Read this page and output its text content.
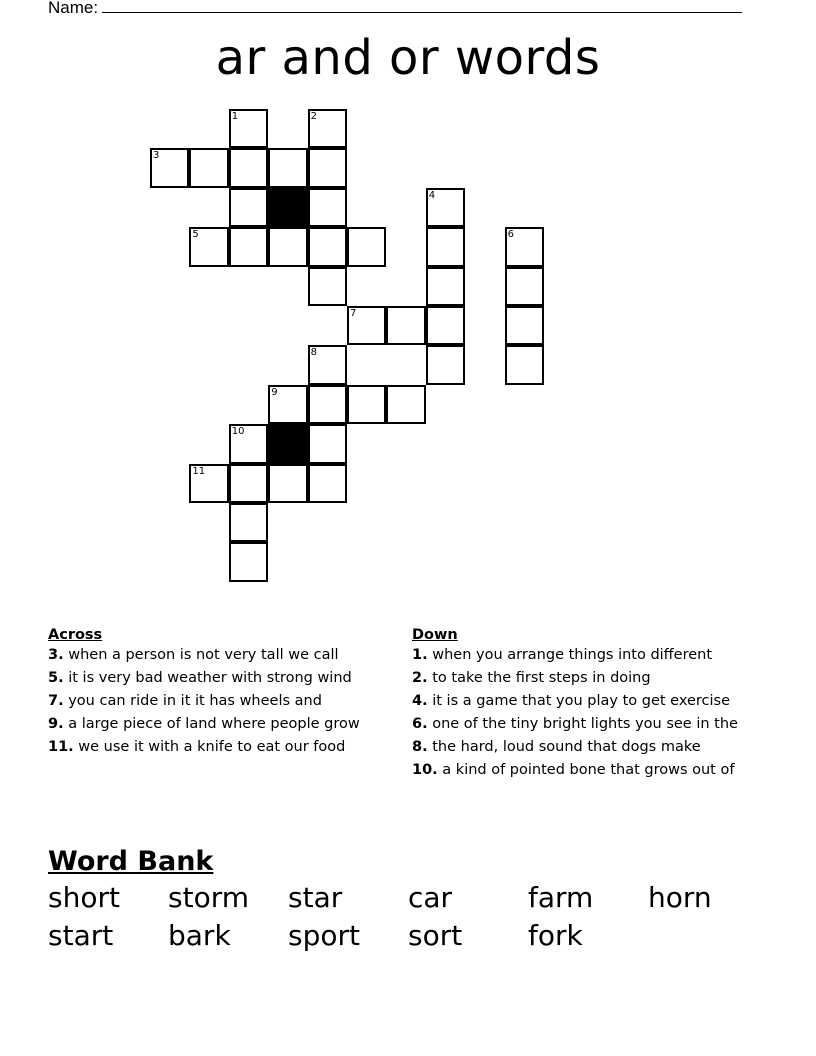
Name:
ar and or words
1	2
3
4
5	6
7
8
9
10
11
Across
3. when a person is not very tall we call
5. it is very bad weather with strong wind
7. you can ride in it it has wheels and
9. a large piece of land where people grow
11. we use it with a knife to eat our food
Down
1. when you arrange things into different
2. to take the first steps in doing
4. it is a game that you play to get exercise
6. one of the tiny bright lights you see in the
8. the hard, loud sound that dogs make
10. a kind of pointed bone that grows out of
Word Bank
short	storm	star	car	farm	horn
start	bark	sport	sort	fork
